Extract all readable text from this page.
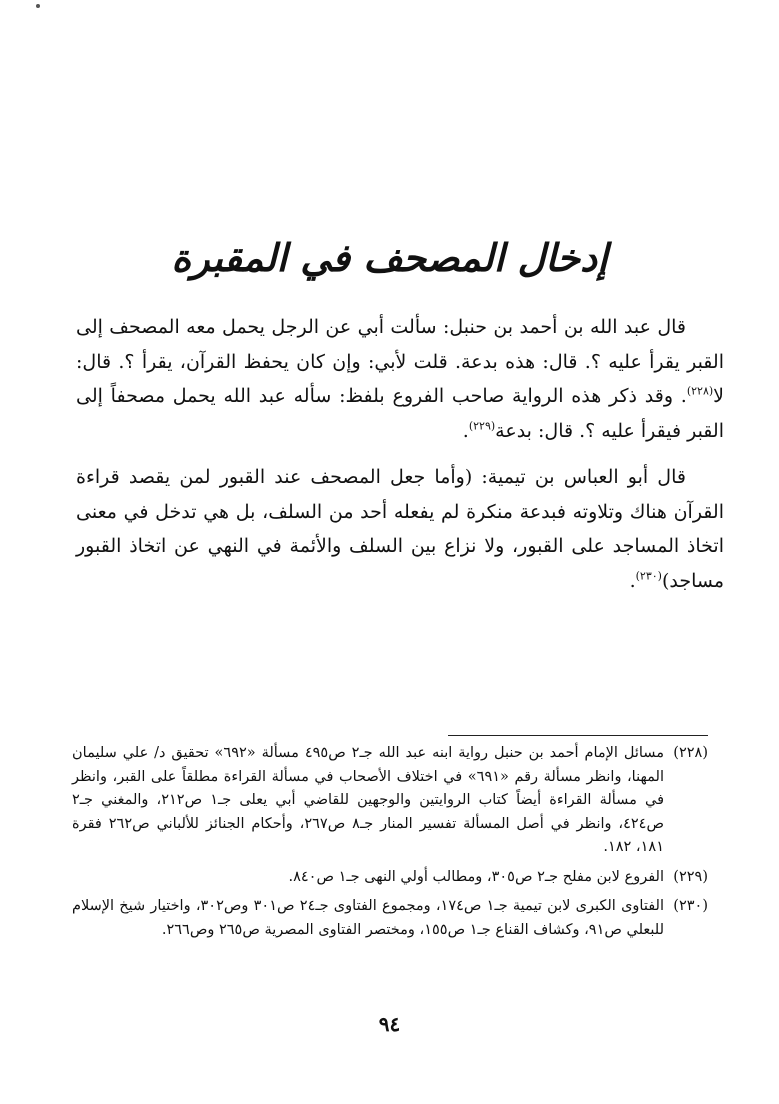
إدخال المصحف في المقبرة

قال عبد الله بن أحمد بن حنبل: سألت أبي عن الرجل يحمل معه المصحف إلى القبر يقرأ عليه ؟. قال: هذه بدعة. قلت لأبي: وإن كان يحفظ القرآن، يقرأ ؟. قال: لا$^{(٢٢٨)}$. وقد ذكر هذه الرواية صاحب الفروع بلفظ: سأله عبد الله يحمل مصحفاً إلى القبر فيقرأ عليه ؟. قال: بدعة$^{(٢٢٩)}$.

قال أبو العباس بن تيمية: (وأما جعل المصحف عند القبور لمن يقصد قراءة القرآن هناك وتلاوته فبدعة منكرة لم يفعله أحد من السلف، بل هي تدخل في معنى اتخاذ المساجد على القبور، ولا نزاع بين السلف والأئمة في النهي عن اتخاذ القبور مساجد)$^{(٢٣٠)}$.

(٢٢٨)
مسائل الإمام أحمد بن حنبل رواية ابنه عبد الله جـ٢ ص٤٩٥ مسألة «٦٩٢» تحقيق د/ علي سليمان المهنا، وانظر مسألة رقم «٦٩١» في اختلاف الأصحاب في مسألة القراءة مطلقاً على القبر، وانظر في مسألة القراءة أيضاً كتاب الروايتين والوجهين للقاضي أبي يعلى جـ١ ص٢١٢، والمغني جـ٢ ص٤٢٤، وانظر في أصل المسألة تفسير المنار جـ٨ ص٢٦٧، وأحكام الجنائز للألباني ص٢٦٢ فقرة ١٨١، ١٨٢.

(٢٢٩)
الفروع لابن مفلح جـ٢ ص٣٠٥، ومطالب أولي النهى جـ١ ص٨٤٠.

(٢٣٠)
الفتاوى الكبرى لابن تيمية جـ١ ص١٧٤، ومجموع الفتاوى جـ٢٤ ص٣٠١ وص٣٠٢، واختيار شيخ الإسلام للبعلي ص٩١، وكشاف القناع جـ١ ص١٥٥، ومختصر الفتاوى المصرية ص٢٦٥ وص٢٦٦.

٩٤
